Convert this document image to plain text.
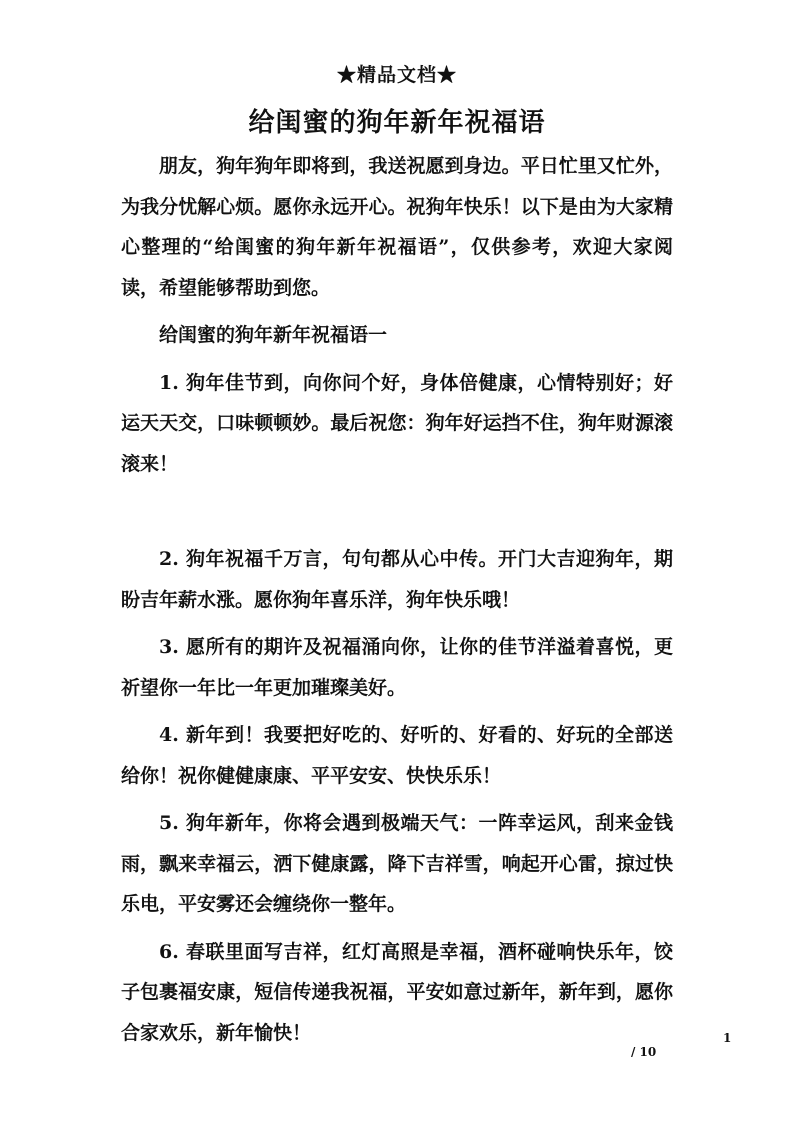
★精品文档★
给闺蜜的狗年新年祝福语

朋友，狗年狗年即将到，我送祝愿到身边。平日忙里又忙外，为我分忧解心烦。愿你永远开心。祝狗年快乐！以下是由为大家精心整理的“给闺蜜的狗年新年祝福语”，仅供参考，欢迎大家阅读，希望能够帮助到您。

给闺蜜的狗年新年祝福语一

1. 狗年佳节到，向你问个好，身体倍健康，心情特别好；好运天天交，口味顿顿妙。最后祝您：狗年好运挡不住，狗年财源滚滚来！

2. 狗年祝福千万言，句句都从心中传。开门大吉迎狗年，期盼吉年薪水涨。愿你狗年喜乐洋，狗年快乐哦！

3. 愿所有的期许及祝福涌向你，让你的佳节洋溢着喜悦，更祈望你一年比一年更加璀璨美好。

4. 新年到！我要把好吃的、好听的、好看的、好玩的全部送给你！祝你健健康康、平平安安、快快乐乐！

5. 狗年新年，你将会遇到极端天气：一阵幸运风，刮来金钱雨，飘来幸福云，洒下健康露，降下吉祥雪，响起开心雷，掠过快乐电，平安雾还会缠绕你一整年。

6. 春联里面写吉祥，红灯高照是幸福，酒杯碰响快乐年，饺子包裹福安康，短信传递我祝福，平安如意过新年，新年到，愿你合家欢乐，新年愉快！	1
/ 10
